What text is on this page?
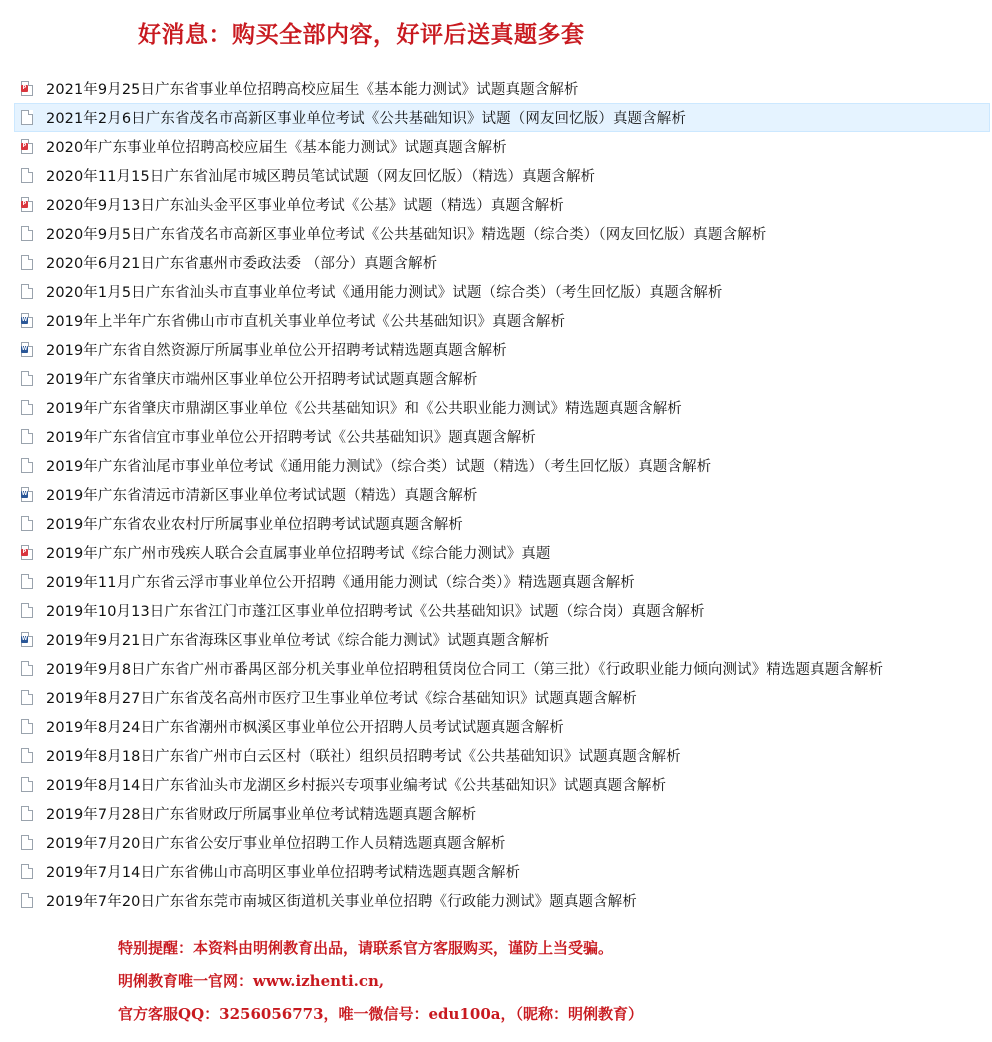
好消息：购买全部内容，好评后送真题多套
P
2021年9月25日广东省事业单位招聘高校应届生《基本能力测试》试题真题含解析
2021年2月6日广东省茂名市高新区事业单位考试《公共基础知识》试题（网友回忆版）真题含解析
P
2020年广东事业单位招聘高校应届生《基本能力测试》试题真题含解析
2020年11月15日广东省汕尾市城区聘员笔试试题（网友回忆版）（精选）真题含解析
P
2020年9月13日广东汕头金平区事业单位考试《公基》试题（精选）真题含解析
2020年9月5日广东省茂名市高新区事业单位考试《公共基础知识》精选题（综合类）（网友回忆版）真题含解析
2020年6月21日广东省惠州市委政法委 （部分）真题含解析
2020年1月5日广东省汕头市直事业单位考试《通用能力测试》试题（综合类）（考生回忆版）真题含解析
W
2019年上半年广东省佛山市市直机关事业单位考试《公共基础知识》真题含解析
W
2019年广东省自然资源厅所属事业单位公开招聘考试精选题真题含解析
2019年广东省肇庆市端州区事业单位公开招聘考试试题真题含解析
2019年广东省肇庆市鼎湖区事业单位《公共基础知识》和《公共职业能力测试》精选题真题含解析
2019年广东省信宜市事业单位公开招聘考试《公共基础知识》题真题含解析
2019年广东省汕尾市事业单位考试《通用能力测试》（综合类）试题（精选）（考生回忆版）真题含解析
W
2019年广东省清远市清新区事业单位考试试题（精选）真题含解析
2019年广东省农业农村厅所属事业单位招聘考试试题真题含解析
P
2019年广东广州市残疾人联合会直属事业单位招聘考试《综合能力测试》真题
2019年11月广东省云浮市事业单位公开招聘《通用能力测试（综合类）》精选题真题含解析
2019年10月13日广东省江门市蓬江区事业单位招聘考试《公共基础知识》试题（综合岗）真题含解析
W
2019年9月21日广东省海珠区事业单位考试《综合能力测试》试题真题含解析
2019年9月8日广东省广州市番禺区部分机关事业单位招聘租赁岗位合同工（第三批）《行政职业能力倾向测试》精选题真题含解析
2019年8月27日广东省茂名高州市医疗卫生事业单位考试《综合基础知识》试题真题含解析
2019年8月24日广东省潮州市枫溪区事业单位公开招聘人员考试试题真题含解析
2019年8月18日广东省广州市白云区村（联社）组织员招聘考试《公共基础知识》试题真题含解析
2019年8月14日广东省汕头市龙湖区乡村振兴专项事业编考试《公共基础知识》试题真题含解析
2019年7月28日广东省财政厅所属事业单位考试精选题真题含解析
2019年7月20日广东省公安厅事业单位招聘工作人员精选题真题含解析
2019年7月14日广东省佛山市高明区事业单位招聘考试精选题真题含解析
2019年7年20日广东省东莞市南城区街道机关事业单位招聘《行政能力测试》题真题含解析
特别提醒：本资料由明俐教育出品，请联系官方客服购买，谨防上当受骗。
明俐教育唯一官网：www.izhenti.cn,
官方客服QQ：3256056773，唯一微信号：edu100a，（昵称：明俐教育）
